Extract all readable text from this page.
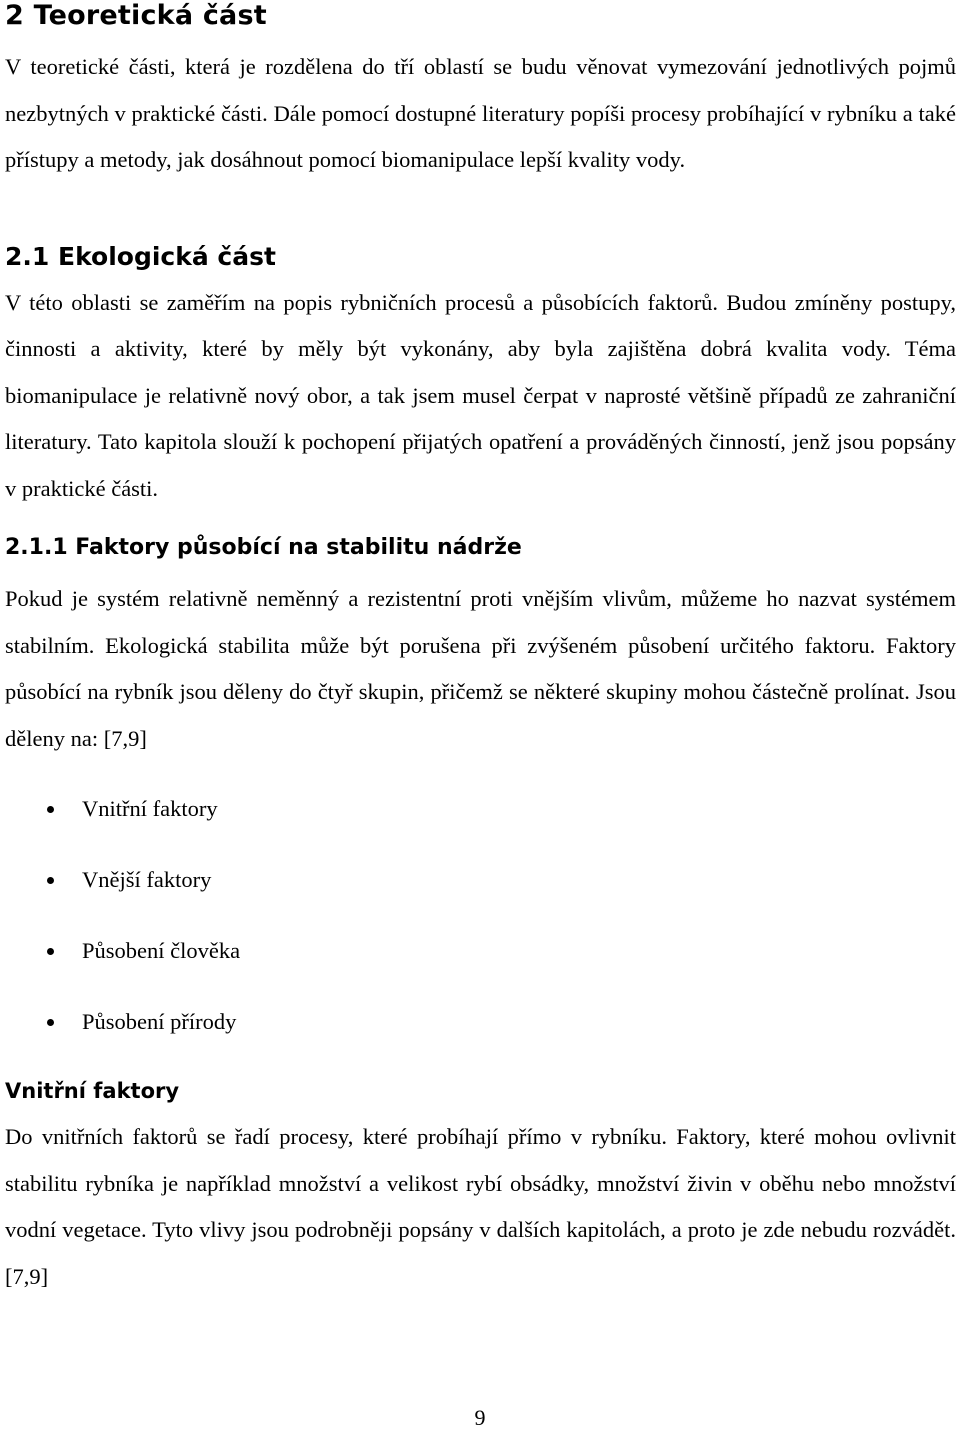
2 Teoretická část

V teoretické části, která je rozdělena do tří oblastí se budu věnovat vymezování jednotlivých pojmů nezbytných v praktické části. Dále pomocí dostupné literatury popíši procesy probíhající v rybníku a také přístupy a metody, jak dosáhnout pomocí biomanipulace lepší kvality vody.

2.1 Ekologická část

V této oblasti se zaměřím na popis rybničních procesů a působících faktorů. Budou zmíněny postupy, činnosti a aktivity, které by měly být vykonány, aby byla zajištěna dobrá kvalita vody. Téma biomanipulace je relativně nový obor, a tak jsem musel čerpat v naprosté většině případů ze zahraniční literatury. Tato kapitola slouží k pochopení přijatých opatření a prováděných činností, jenž jsou popsány v praktické části.

2.1.1 Faktory působící na stabilitu nádrže

Pokud je systém relativně neměnný a rezistentní proti vnějším vlivům, můžeme ho nazvat systémem stabilním. Ekologická stabilita může být porušena při zvýšeném působení určitého faktoru. Faktory působící na rybník jsou děleny do čtyř skupin, přičemž se některé skupiny mohou částečně prolínat. Jsou děleny na: [7,9]

Vnitřní faktory
Vnější faktory
Působení člověka
Působení přírody
Vnitřní faktory

Do vnitřních faktorů se řadí procesy, které probíhají přímo v rybníku. Faktory, které mohou ovlivnit stabilitu rybníka je například množství a velikost rybí obsádky, množství živin v oběhu nebo množství vodní vegetace. Tyto vlivy jsou podrobněji popsány v dalších kapitolách, a proto je zde nebudu rozvádět. [7,9]

9
